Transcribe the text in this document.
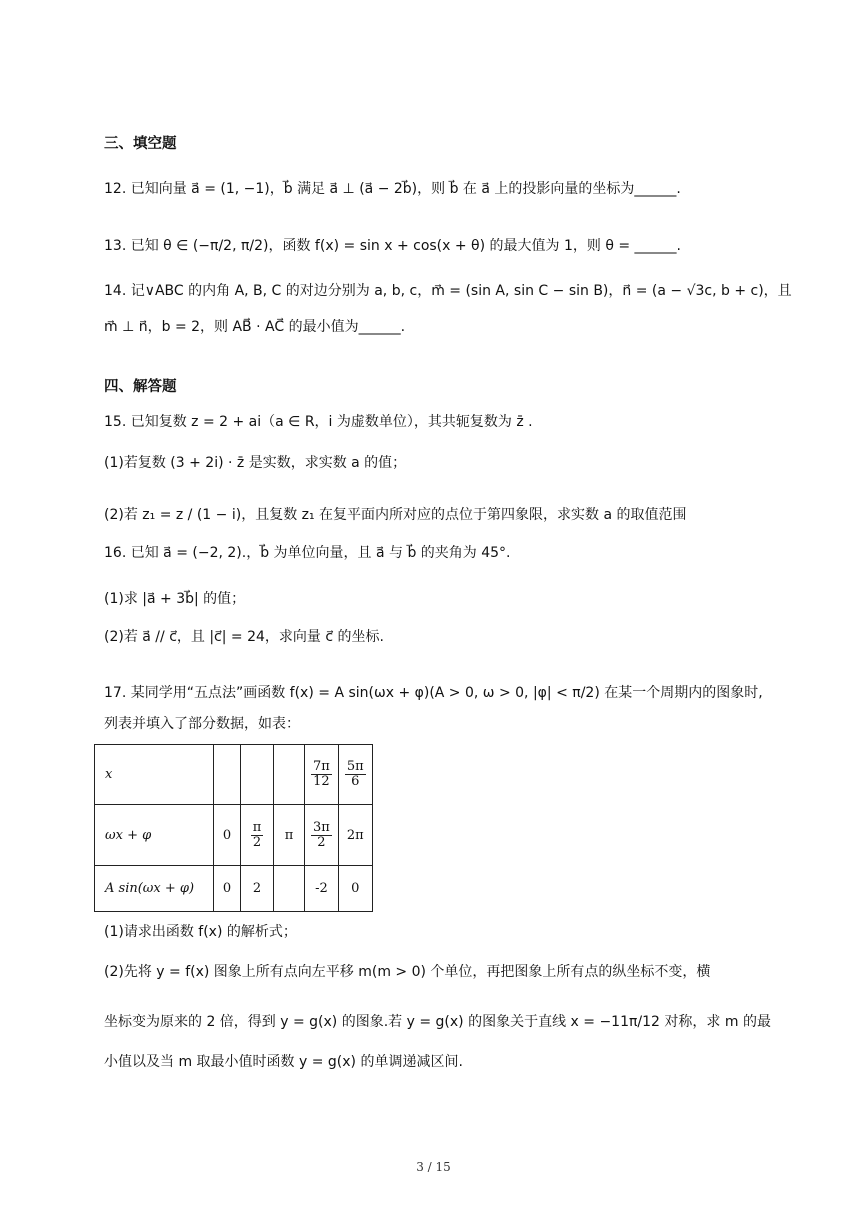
三、填空题
12. 已知向量 a⃗ = (1, −1)，b⃗ 满足 a⃗ ⊥ (a⃗ − 2b⃗)，则 b⃗ 在 a⃗ 上的投影向量的坐标为______.
13. 已知 θ ∈ (−π/2, π/2)，函数 f(x) = sin x + cos(x + θ) 的最大值为 1，则 θ = ______.
14. 记∨ABC 的内角 A, B, C 的对边分别为 a, b, c，m⃗ = (sin A, sin C − sin B)，n⃗ = (a − √3c, b + c)，且
m⃗ ⊥ n⃗，b = 2，则 AB⃗ · AC⃗ 的最小值为______.
四、解答题
15. 已知复数 z = 2 + ai（a ∈ R，i 为虚数单位），其共轭复数为 z̄ .
(1)若复数 (3 + 2i) · z̄ 是实数，求实数 a 的值；
(2)若 z₁ = z / (1 − i)，且复数 z₁ 在复平面内所对应的点位于第四象限，求实数 a 的取值范围
16. 已知 a⃗ = (−2, 2).，b⃗ 为单位向量，且 a⃗ 与 b⃗ 的夹角为 45°.
(1)求 |a⃗ + 3b⃗| 的值；
(2)若 a⃗ // c⃗，且 |c⃗| = 24，求向量 c⃗ 的坐标.
17. 某同学用“五点法”画函数 f(x) = A sin(ωx + φ)(A > 0, ω > 0, |φ| < π/2) 在某一个周期内的图象时,
列表并填入了部分数据，如表：
x				$\frac{7\pi}{12}$	$\frac{5\pi}{6}$

ωx + φ	0	$\frac{\pi}{2}$	π	$\frac{3\pi}{2}$	2π
A sin(ωx + φ)	0	2		-2	0
(1)请求出函数 f(x) 的解析式；
(2)先将 y = f(x) 图象上所有点向左平移 m(m > 0) 个单位，再把图象上所有点的纵坐标不变，横
坐标变为原来的 2 倍，得到 y = g(x) 的图象.若 y = g(x) 的图象关于直线 x = −11π/12 对称，求 m 的最
小值以及当 m 取最小值时函数 y = g(x) 的单调递减区间.
3 / 15
